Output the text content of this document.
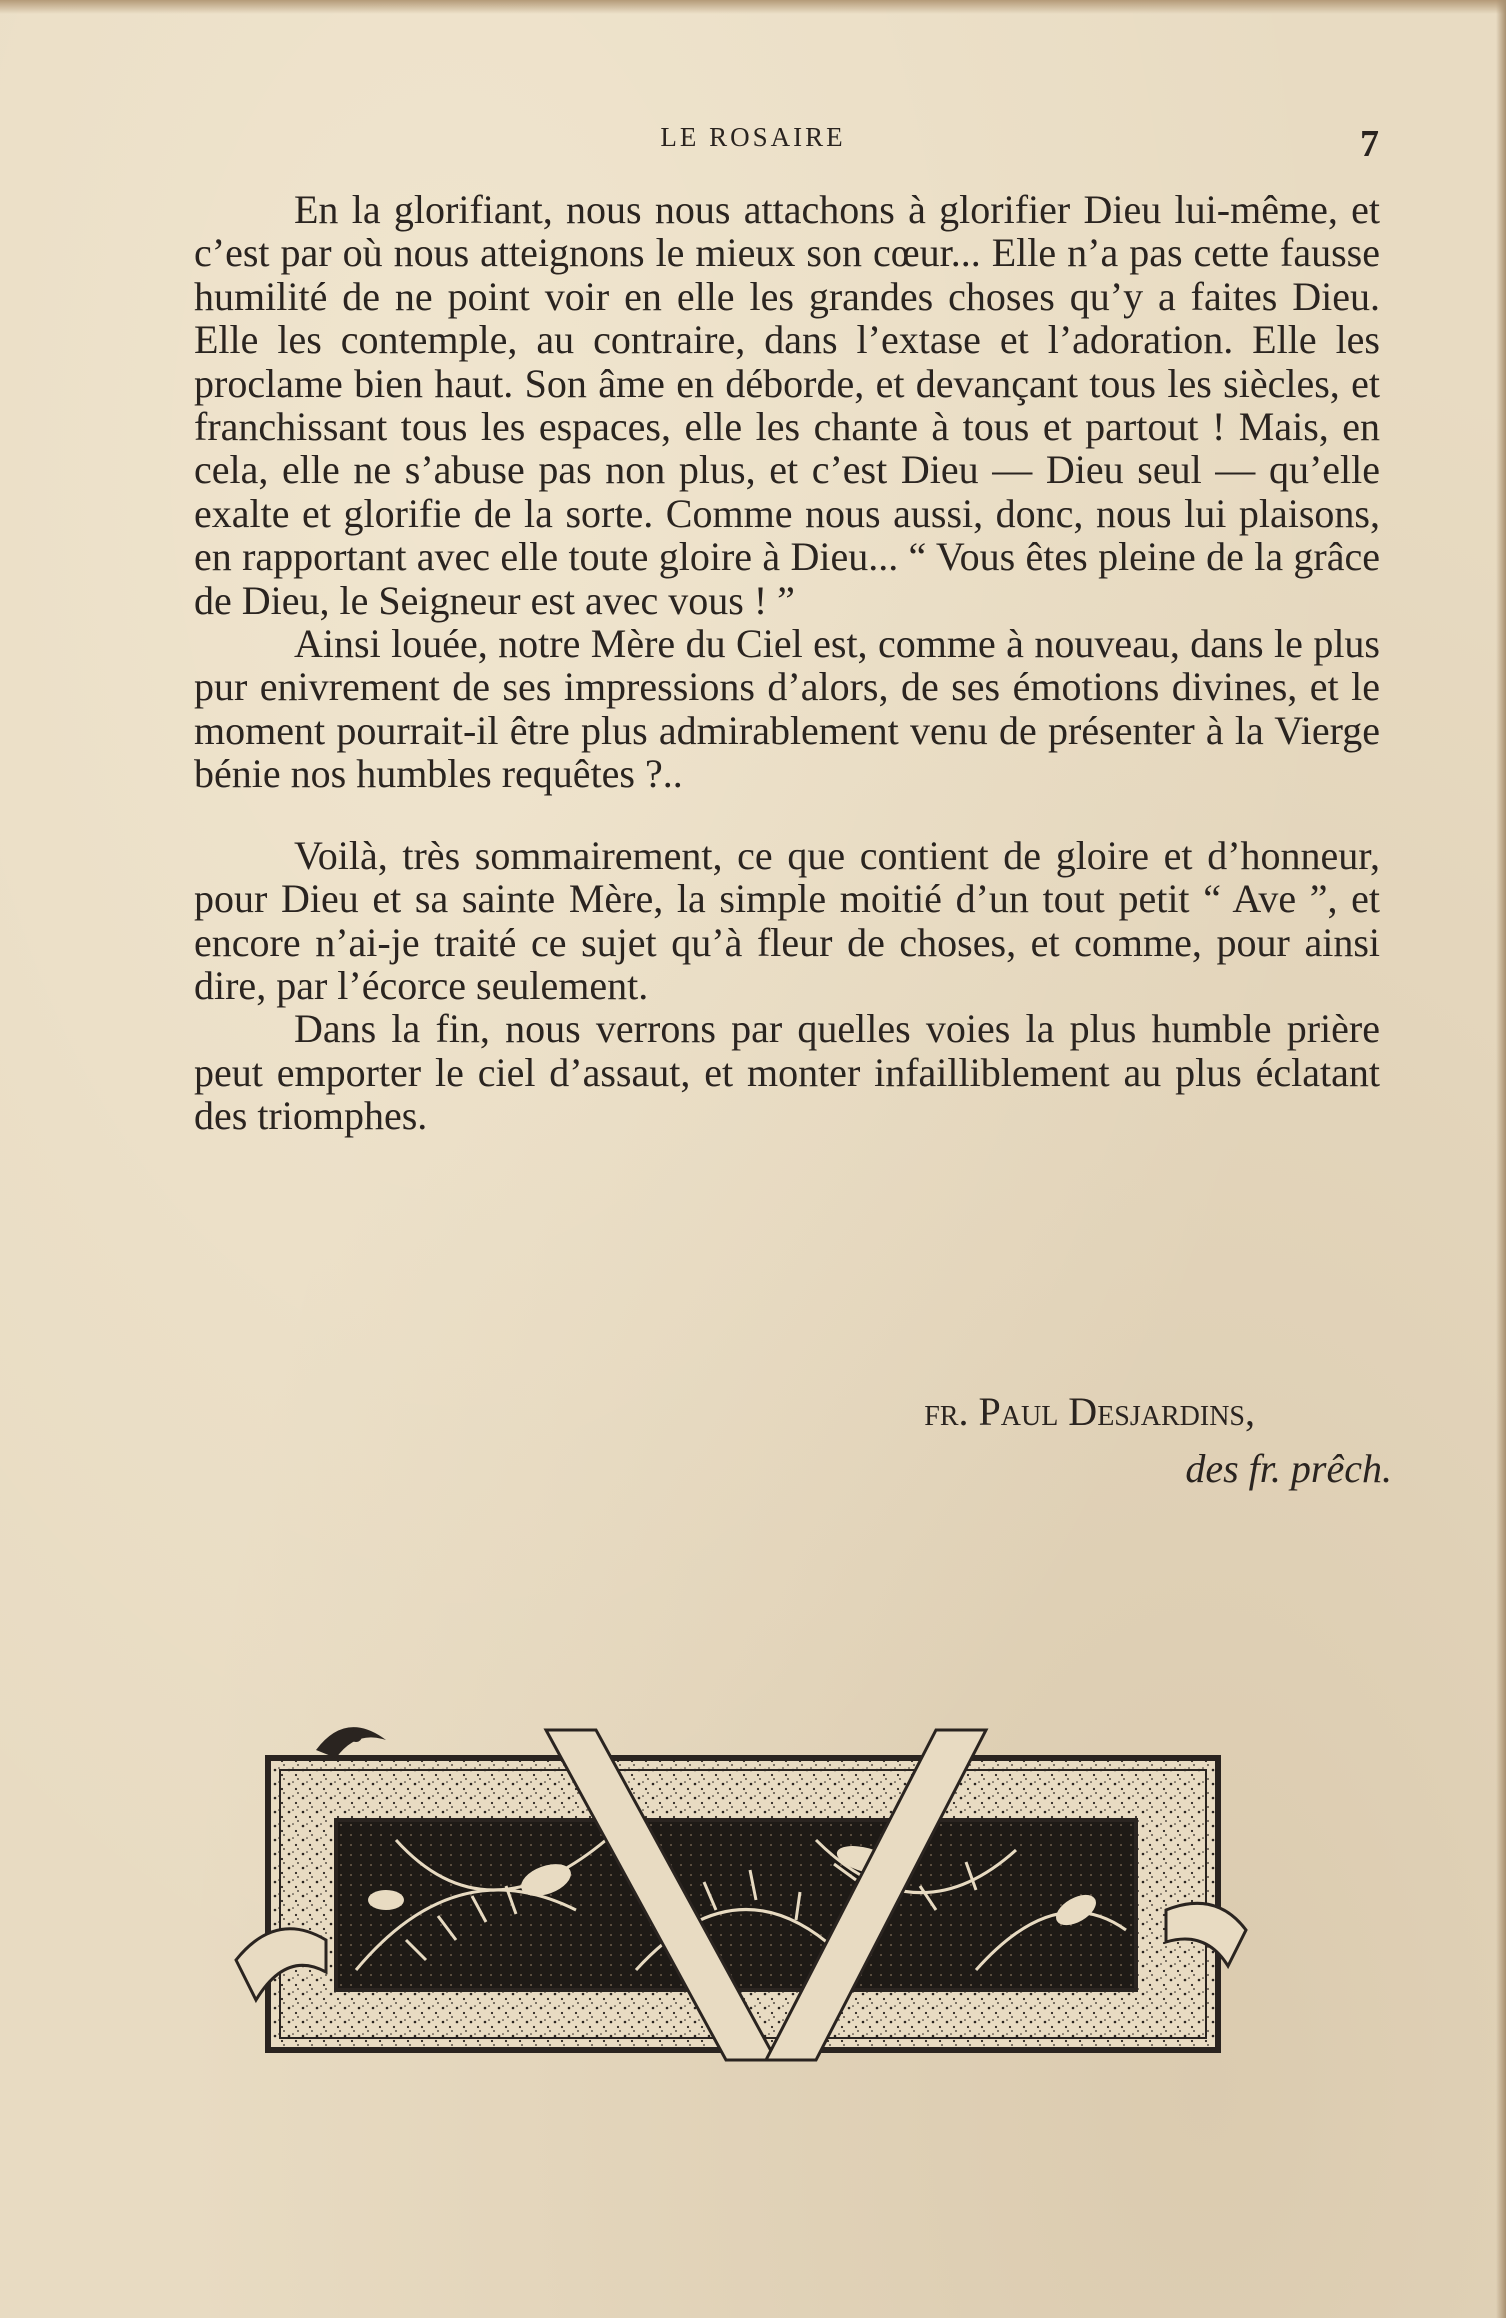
LE ROSAIRE	7

En la glorifiant, nous nous attachons à glorifier Dieu lui-même, et c’est par où nous atteignons le mieux son cœur... Elle n’a pas cette fausse humilité de ne point voir en elle les grandes choses qu’y a faites Dieu. Elle les contemple, au contraire, dans l’extase et l’adoration. Elle les proclame bien haut. Son âme en déborde, et devançant tous les siècles, et franchissant tous les espaces, elle les chante à tous et partout ! Mais, en cela, elle ne s’abuse pas non plus, et c’est Dieu — Dieu seul — qu’elle exalte et glorifie de la sorte. Comme nous aussi, donc, nous lui plaisons, en rapportant avec elle toute gloire à Dieu... “ Vous êtes pleine de la grâce de Dieu, le Seigneur est avec vous ! ”

Ainsi louée, notre Mère du Ciel est, comme à nouveau, dans le plus pur enivrement de ses impressions d’alors, de ses émotions divines, et le moment pourrait-il être plus admirablement venu de présenter à la Vierge bénie nos humbles requêtes ?..

Voilà, très sommairement, ce que contient de gloire et d’honneur, pour Dieu et sa sainte Mère, la simple moitié d’un tout petit “ Ave ”, et encore n’ai-je traité ce sujet qu’à fleur de choses, et comme, pour ainsi dire, par l’écorce seulement.

Dans la fin, nous verrons par quelles voies la plus humble prière peut emporter le ciel d’assaut, et monter infailliblement au plus éclatant des triomphes.

fr. Paul Desjardins,
des fr. prêch.
